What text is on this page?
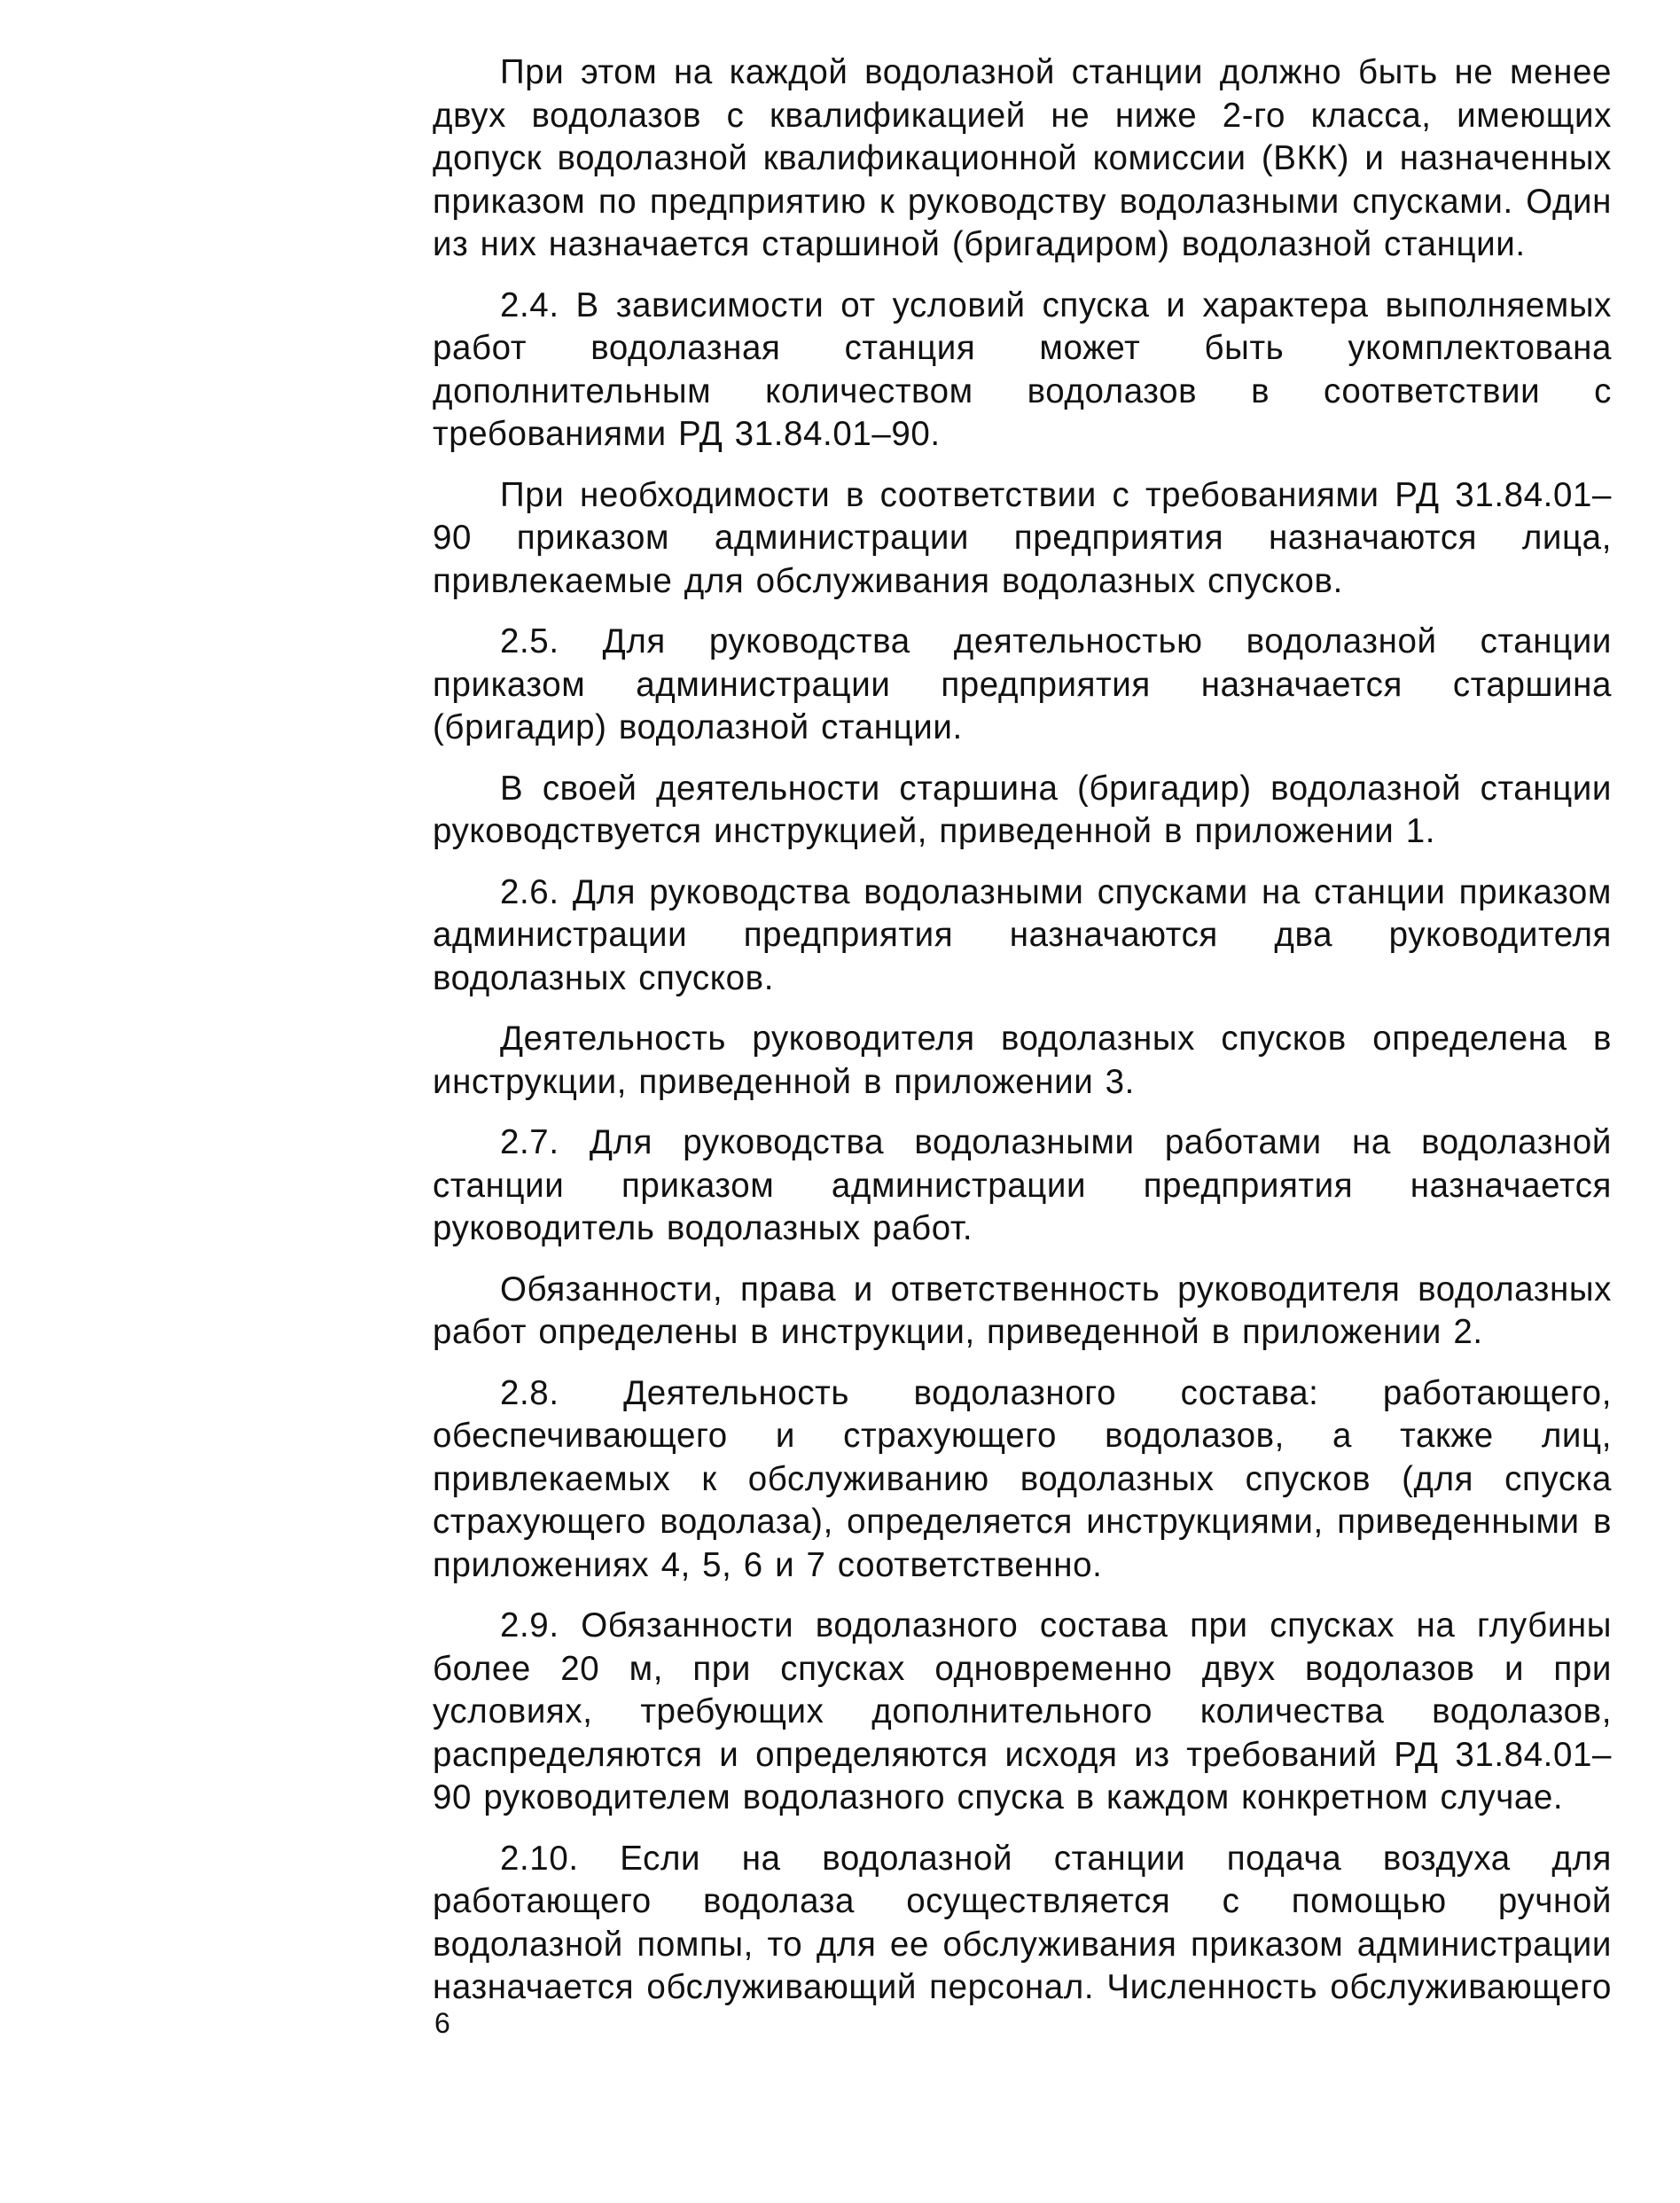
При этом на каждой водолазной станции должно быть не менее двух водолазов с квалификацией не ниже 2-го класса, имеющих допуск водолазной квалификационной комиссии (ВКК) и назначенных приказом по предприятию к руководству водолазными спусками. Один из них назначается старшиной (бригадиром) водолазной станции.

2.4. В зависимости от условий спуска и характера выполняемых работ водолазная станция может быть укомплектована дополнительным количеством водолазов в соответствии с требованиями РД 31.84.01–90.

При необходимости в соответствии с требованиями РД 31.84.01–90 приказом администрации предприятия назначаются лица, привлекаемые для обслуживания водолазных спусков.

2.5. Для руководства деятельностью водолазной станции приказом администрации предприятия назначается старшина (бригадир) водолазной станции.

В своей деятельности старшина (бригадир) водолазной станции руководствуется инструкцией, приведенной в приложении 1.

2.6. Для руководства водолазными спусками на станции приказом администрации предприятия назначаются два руководителя водолазных спусков.

Деятельность руководителя водолазных спусков определена в инструкции, приведенной в приложении 3.

2.7. Для руководства водолазными работами на водолазной станции приказом администрации предприятия назначается руководитель водолазных работ.

Обязанности, права и ответственность руководителя водолазных работ определены в инструкции, приведенной в приложении 2.

2.8. Деятельность водолазного состава: работающего, обеспечивающего и страхующего водолазов, а также лиц, привлекаемых к обслуживанию водолазных спусков (для спуска страхующего водолаза), определяется инструкциями, приведенными в приложениях 4, 5, 6 и 7 соответственно.

2.9. Обязанности водолазного состава при спусках на глубины более 20 м, при спусках одновременно двух водолазов и при условиях, требующих дополнительного количества водолазов, распределяются и определяются исходя из требований РД 31.84.01–90 руководителем водолазного спуска в каждом конкретном случае.

2.10. Если на водолазной станции подача воздуха для работающего водолаза осуществляется с помощью ручной водолазной помпы, то для ее обслуживания приказом администрации назначается обслуживающий персонал. Численность обслуживающего

6
